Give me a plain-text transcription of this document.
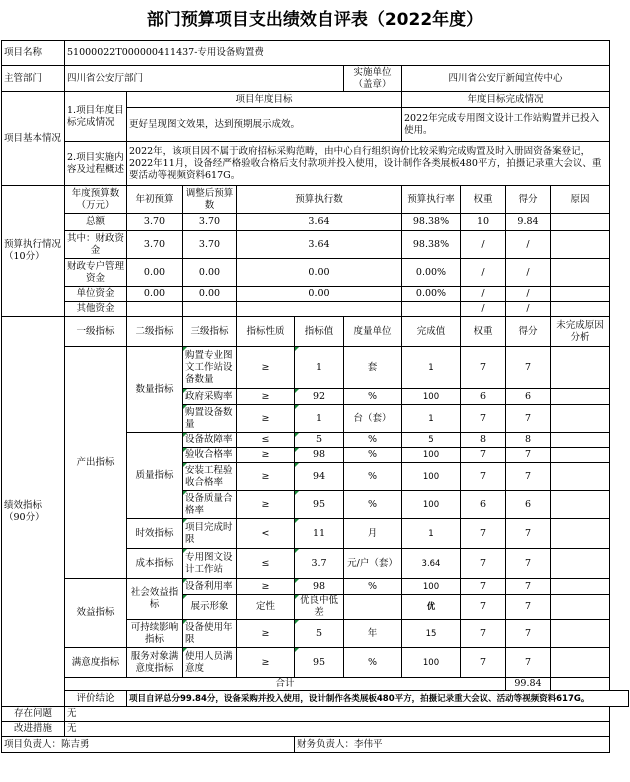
部门预算项目支出绩效自评表（2022年度）
项目名称	51000022T000000411437-专用设备购置费									
主管部门	四川省公安厅部门					实施单位（盖章）	四川省公安厅新闻宣传中心			
项目基本情况	1.项目年度目标完成情况	项目年度目标					年度目标完成情况			
		更好呈现图文效果，达到预期展示成效。					2022年完成专用图文设计工作站购置并已投入使用。			
	2.项目实施内容及过程概述	2022年，该项目因不属于政府招标采购范畴，由中心自行组织询价比较采购完成购置及时入册固资备案登记，2022年11月，设备经严格验收合格后支付款项并投入使用，设计制作各类展板480平方，拍摄记录重大会议、重要活动等视频资料617G。								
预算执行情况（10分）	年度预算数（万元）	年初预算	调整后预算数	预算执行数			预算执行率	权重	得分	原因
	总额	3.70	3.70	3.64			98.38%	10	9.84	
	其中：财政资金	3.70	3.70	3.64			98.38%	/	/	
	财政专户管理资金	0.00	0.00	0.00			0.00%	/	/	
	单位资金	0.00	0.00	0.00			0.00%	/	/	
	其他资金							/	/	
绩效指标（90分）	一级指标	二级指标	三级指标	指标性质	指标值	度量单位	完成值	权重	得分	未完成原因分析
	产出指标	数量指标	购置专业图文工作站设备数量	≥	1	套	1	7	7	
			政府采购率	≥	92	%	100	6	6	
			购置设备数量	≥	1	台（套）	1	7	7	
		质量指标	设备故障率	≤	5	%	5	8	8	
			验收合格率	≥	98	%	100	7	7	
			安装工程验收合格率	≥	94	%	100	7	7	
			设备质量合格率	≥	95	%	100	6	6	
		时效指标	项目完成时限	<	11	月	1	7	7	
		成本指标	专用图文设计工作站	≤	3.7	元/户（套）	3.64	7	7	
	效益指标	社会效益指标	设备利用率	≥	98	%	100	7	7	
			展示形象	定性	优良中低差		优	7	7	
		可持续影响指标	设备使用年限	≥	5	年	15	7	7	
	满意度指标	服务对象满意度指标	使用人员满意度	≥	95	%	100	7	7	
	合计								99.84	
	评价结论	项目自评总分99.84分，设备采购并投入使用，设计制作各类展板480平方，拍摄记录重大会议、活动等视频资料617G。								
存在问题	无									
改进措施	无									
项目负责人：陈吉勇					财务负责人：李伟平					
